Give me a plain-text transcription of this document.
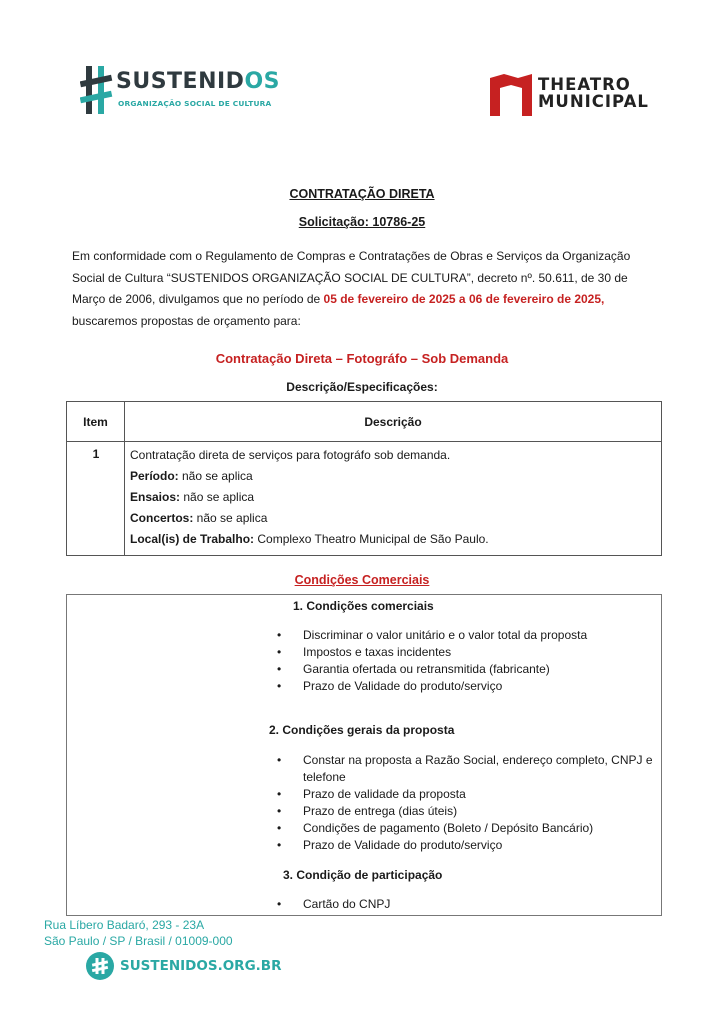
SUSTENIDOS
ORGANIZAÇÃO SOCIAL DE CULTURA
THEATRO
MUNICIPAL
CONTRATAÇÃO DIRETA
Solicitação: 10786-25
Em conformidade com o Regulamento de Compras e Contratações de Obras e Serviços da Organização Social de Cultura “SUSTENIDOS ORGANIZAÇÃO SOCIAL DE CULTURA”, decreto nº. 50.611, de 30 de Março de 2006, divulgamos que no período de 05 de fevereiro de 2025 a 06 de fevereiro de 2025,
buscaremos propostas de orçamento para:
Contratação Direta – Fotográfo – Sob Demanda
Descrição/Especificações:
Item	Descrição
1	Contratação direta de serviços para fotográfo sob demanda.
Período: não se aplica
Ensaios: não se aplica
Concertos: não se aplica
Local(is) de Trabalho: Complexo Theatro Municipal de São Paulo.
Condições Comerciais
1. Condições comerciais
• Discriminar o valor unitário e o valor total da proposta
• Impostos e taxas incidentes
• Garantia ofertada ou retransmitida (fabricante)
• Prazo de Validade do produto/serviço
2. Condições gerais da proposta
• Constar na proposta a Razão Social, endereço completo, CNPJ e telefone
• Prazo de validade da proposta
• Prazo de entrega (dias úteis)
• Condições de pagamento (Boleto / Depósito Bancário)
• Prazo de Validade do produto/serviço
3. Condição de participação
• Cartão do CNPJ
Rua Líbero Badaró, 293 - 23A
São Paulo / SP / Brasil / 01009-000
SUSTENIDOS.ORG.BR
